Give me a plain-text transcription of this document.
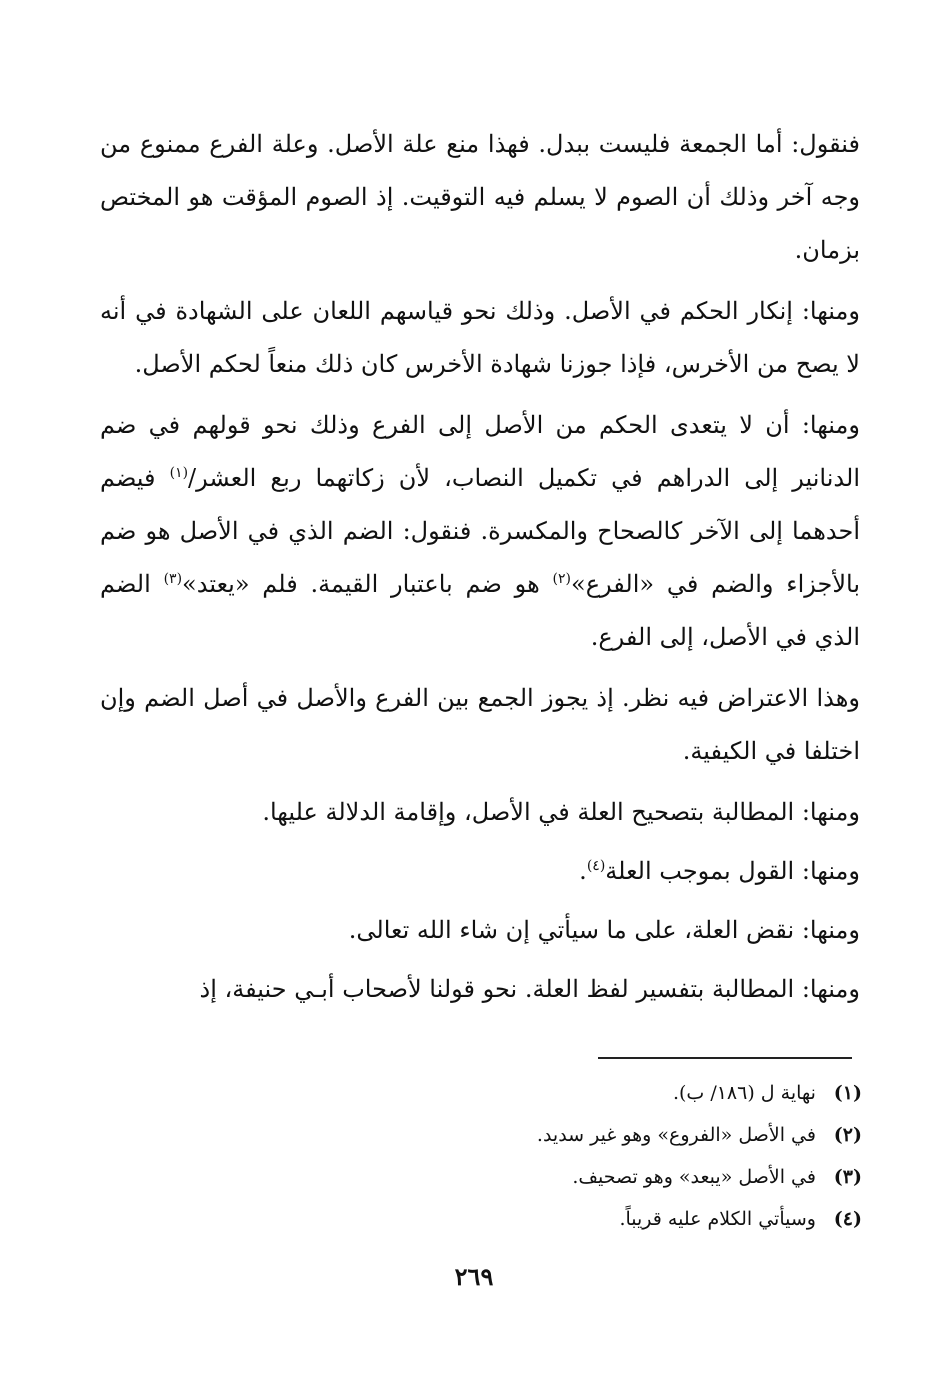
فنقول: أما الجمعة فليست ببدل. فهذا منع علة الأصل. وعلة الفرع ممنوع من وجه آخر وذلك أن الصوم لا يسلم فيه التوقيت. إذ الصوم المؤقت هو المختص بزمان.

ومنها: إنكار الحكم في الأصل. وذلك نحو قياسهم اللعان على الشهادة في أنه لا يصح من الأخرس، فإذا جوزنا شهادة الأخرس كان ذلك منعاً لحكم الأصل.

ومنها: أن لا يتعدى الحكم من الأصل إلى الفرع وذلك نحو قولهم في ضم الدنانير إلى الدراهم في تكميل النصاب، لأن زكاتهما ربع العشر/$^{(١)}$ فيضم أحدهما إلى الآخر كالصحاح والمكسرة. فنقول: الضم الذي في الأصل هو ضم بالأجزاء والضم في «الفرع»$^{(٢)}$ هو ضم باعتبار القيمة. فلم «يعتد»$^{(٣)}$ الضم الذي في الأصل، إلى الفرع.

وهذا الاعتراض فيه نظر. إذ يجوز الجمع بين الفرع والأصل في أصل الضم وإن اختلفا في الكيفية.

ومنها: المطالبة بتصحيح العلة في الأصل، وإقامة الدلالة عليها.

ومنها: القول بموجب العلة$^{(٤)}$.

ومنها: نقض العلة، على ما سيأتي إن شاء الله تعالى.

ومنها: المطالبة بتفسير لفظ العلة. نحو قولنا لأصحاب أبـي حنيفة، إذ

(١) نهاية ل (١٨٦/ ب).

(٢) في الأصل «الفروع» وهو غير سديد.

(٣) في الأصل «يبعد» وهو تصحيف.

(٤) وسيأتي الكلام عليه قريباً.

٢٦٩
